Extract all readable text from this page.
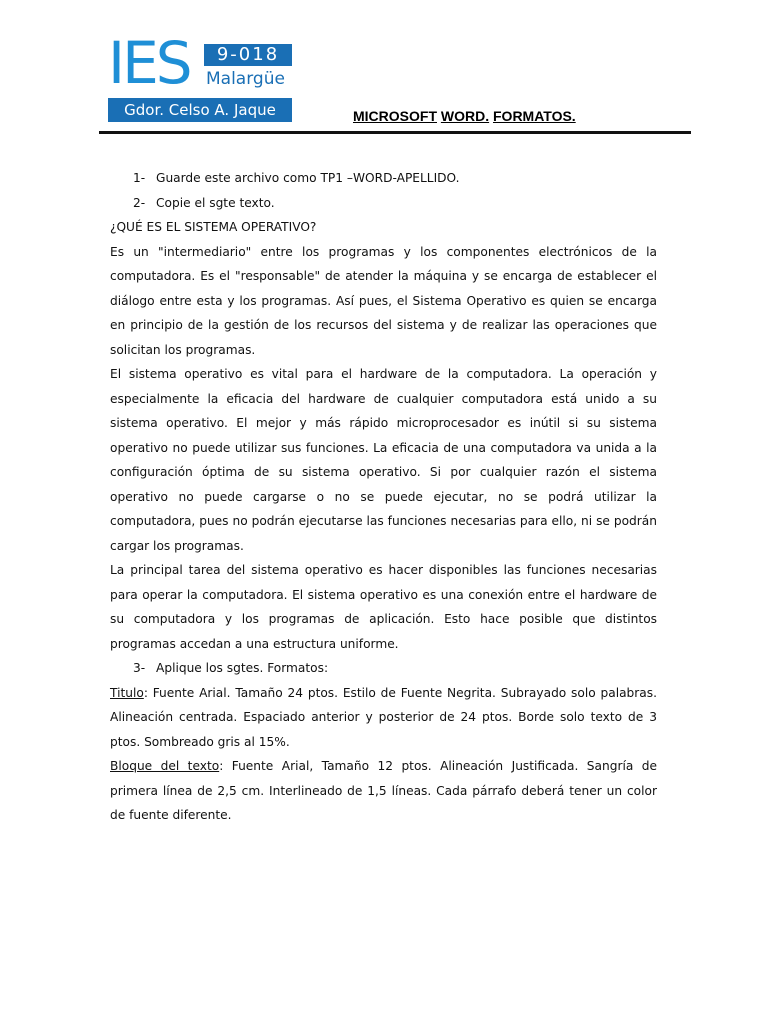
IES	9-018
Malargüe
Gdor. Celso A. Jaque	MICROSOFT WORD. FORMATOS.

1- Guarde este archivo como TP1 –WORD-APELLIDO.

2- Copie el sgte texto.

¿QUÉ ES EL SISTEMA OPERATIVO?

Es un "intermediario" entre los programas y los componentes electrónicos de la computadora. Es el "responsable" de atender la máquina y se encarga de establecer el diálogo entre esta y los programas. Así pues, el Sistema Operativo es quien se encarga en principio de la gestión de los recursos del sistema y de realizar las operaciones que solicitan los programas.

El sistema operativo es vital para el hardware de la computadora. La operación y especialmente la eficacia del hardware de cualquier computadora está unido a su sistema operativo. El mejor y más rápido microprocesador es inútil si su sistema operativo no puede utilizar sus funciones. La eficacia de una computadora va unida a la configuración óptima de su sistema operativo. Si por cualquier razón el sistema operativo no puede cargarse o no se puede ejecutar, no se podrá utilizar la computadora, pues no podrán ejecutarse las funciones necesarias para ello, ni se podrán cargar los programas.

La principal tarea del sistema operativo es hacer disponibles las funciones necesarias para operar la computadora. El sistema operativo es una conexión entre el hardware de su computadora y los programas de aplicación. Esto hace posible que distintos programas accedan a una estructura uniforme.

3- Aplique los sgtes. Formatos:

Titulo: Fuente Arial. Tamaño 24 ptos. Estilo de Fuente Negrita. Subrayado solo palabras. Alineación centrada. Espaciado anterior y posterior de 24 ptos. Borde solo texto de 3 ptos. Sombreado gris al 15%.

Bloque del texto: Fuente Arial, Tamaño 12 ptos. Alineación Justificada. Sangría de primera línea de 2,5 cm. Interlineado de 1,5 líneas. Cada párrafo deberá tener un color de fuente diferente.
